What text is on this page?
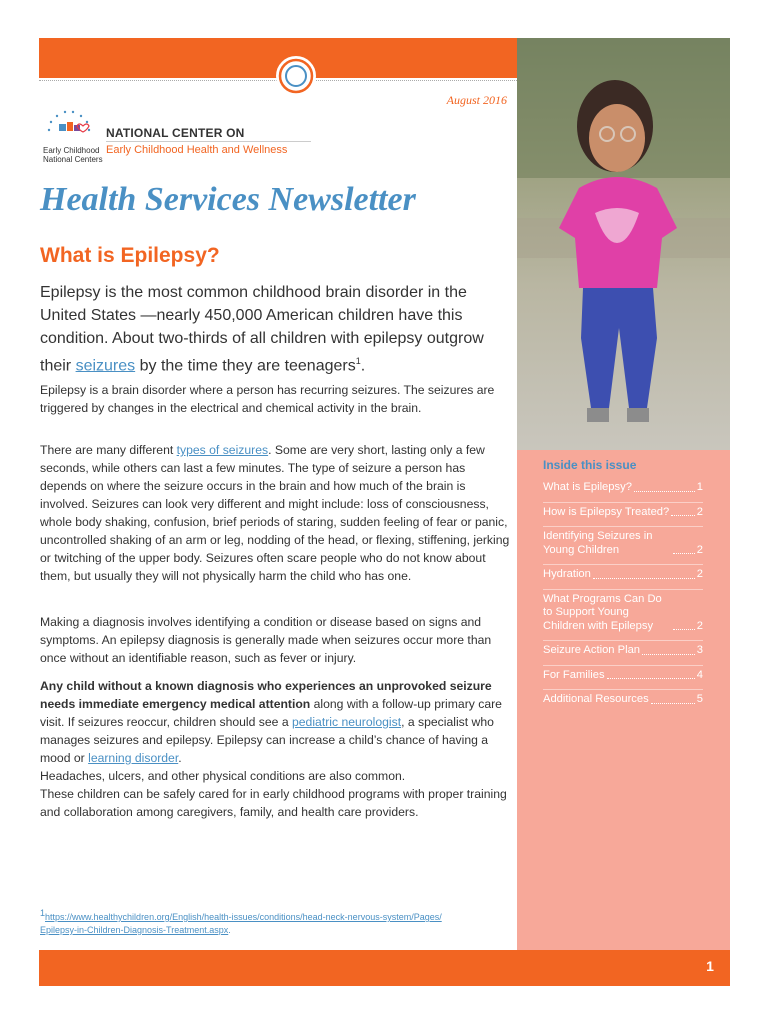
August 2016
Early Childhood
National Centers
NATIONAL CENTER ON
Early Childhood Health and Wellness
Health Services Newsletter
What is Epilepsy?

Epilepsy is the most common childhood brain disorder in the United States —nearly 450,000 American children have this condition. About two-thirds of all children with epilepsy outgrow their seizures by the time they are teenagers$^1$.

Epilepsy is a brain disorder where a person has recurring seizures. The seizures are triggered by changes in the electrical and chemical activity in the brain.

There are many different types of seizures. Some are very short, lasting only a few seconds, while others can last a few minutes. The type of seizure a person has depends on where the seizure occurs in the brain and how much of the brain is involved. Seizures can look very different and might include: loss of consciousness, whole body shaking, confusion, brief periods of staring, sudden feeling of fear or panic, uncontrolled shaking of an arm or leg, nodding of the head, or flexing, stiffening, jerking or twitching of the upper body. Seizures often scare people who do not know about them, but usually they will not physically harm the child who has one.

Making a diagnosis involves identifying a condition or disease based on signs and symptoms. An epilepsy diagnosis is generally made when seizures occur more than once without an identifiable reason, such as fever or injury.

Any child without a known diagnosis who experiences an unprovoked seizure needs immediate emergency medical attention along with a follow-up primary care visit. If seizures reoccur, children should see a pediatric neurologist, a specialist who manages seizures and epilepsy. Epilepsy can increase a child’s chance of having a mood or learning disorder.

Headaches, ulcers, and other physical conditions are also common.

These children can be safely cared for in early childhood programs with proper training and collaboration among caregivers, family, and health care providers.

$^1$https://www.healthychildren.org/English/health-issues/conditions/head-neck-nervous-system/Pages/
Epilepsy-in-Children-Diagnosis-Treatment.aspx.
Inside this issue
What is Epilepsy?	1
How is Epilepsy Treated? 2
Identifying Seizures in Young Children	2
Hydration	2
What Programs Can Do to Support Young Children with Epilepsy	2
Seizure Action Plan	3
For Families	4
Additional Resources	5
1
